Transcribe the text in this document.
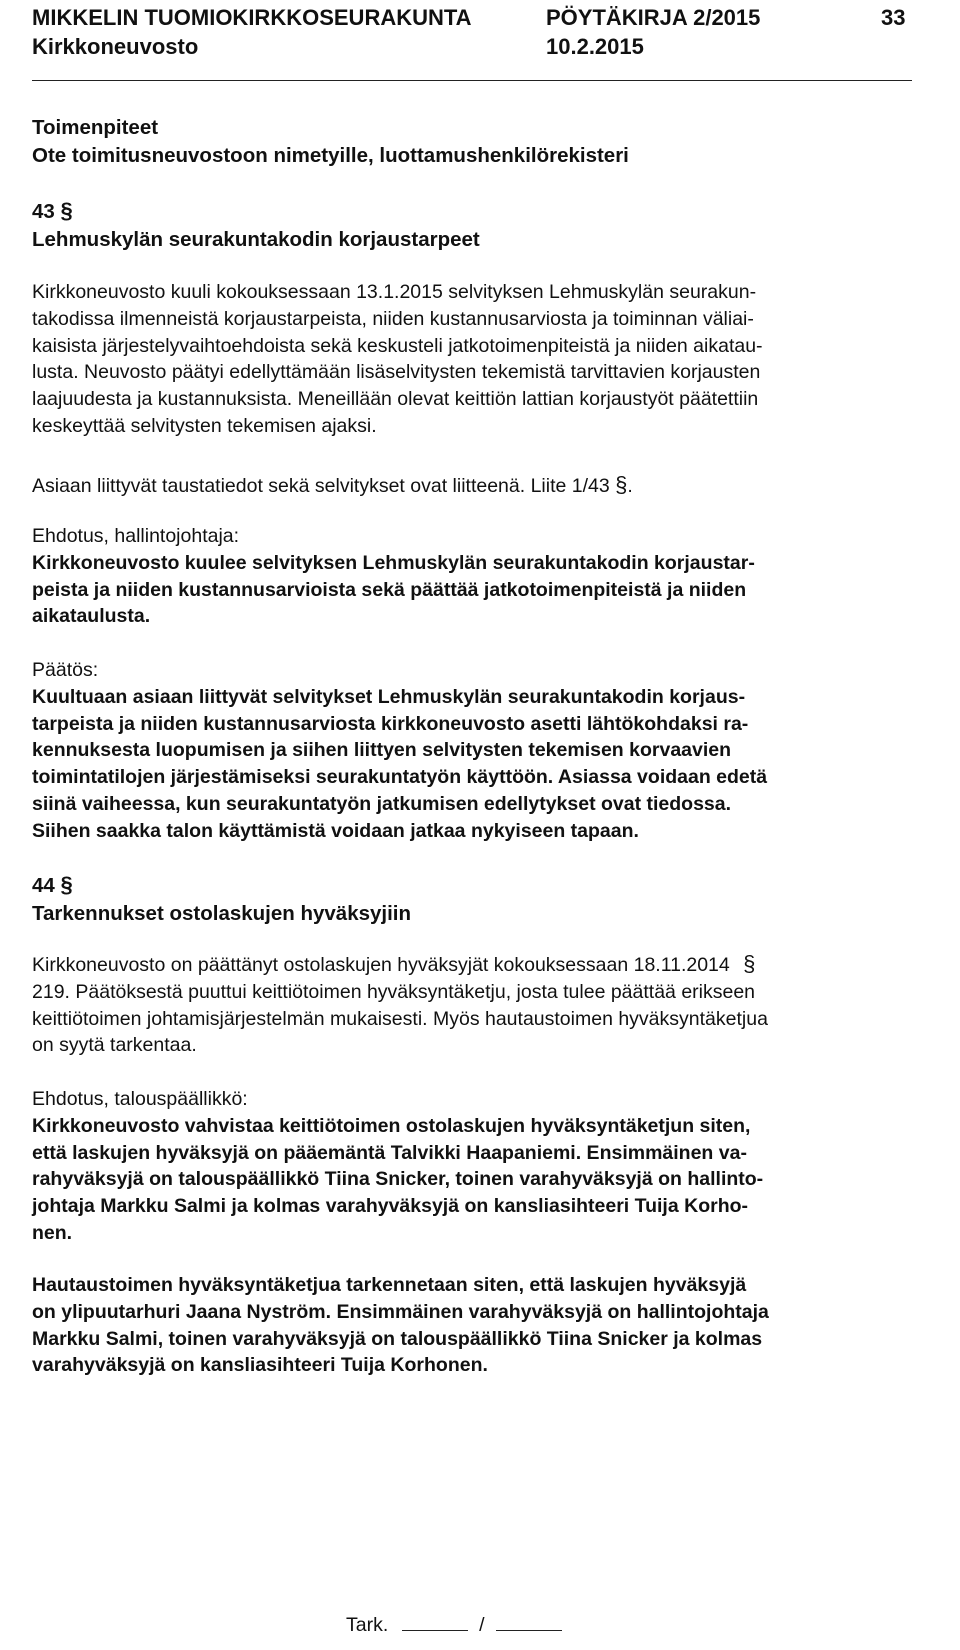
MIKKELIN TUOMIOKIRKKOSEURAKUNTA	PÖYTÄKIRJA 2/2015	33
Kirkkoneuvosto	10.2.2015
Toimenpiteet
Ote toimitusneuvostoon nimetyille, luottamushenkilörekisteri
43 §
Lehmuskylän seurakuntakodin korjaustarpeet
Kirkkoneuvosto kuuli kokouksessaan 13.1.2015 selvityksen Lehmuskylän seurakun-
takodissa ilmenneistä korjaustarpeista, niiden kustannusarviosta ja toiminnan väliai-
kaisista järjestelyvaihtoehdoista sekä keskusteli jatkotoimenpiteistä ja niiden aikatau-
lusta. Neuvosto päätyi edellyttämään lisäselvitysten tekemistä tarvittavien korjausten
laajuudesta ja kustannuksista. Meneillään olevat keittiön lattian korjaustyöt päätettiin
keskeyttää selvitysten tekemisen ajaksi.
Asiaan liittyvät taustatiedot sekä selvitykset ovat liitteenä. Liite 1/43 §.
Ehdotus, hallintojohtaja:
Kirkkoneuvosto kuulee selvityksen Lehmuskylän seurakuntakodin korjaustar-
peista ja niiden kustannusarvioista sekä päättää jatkotoimenpiteistä ja niiden
aikataulusta.
Päätös:
Kuultuaan asiaan liittyvät selvitykset Lehmuskylän seurakuntakodin korjaus-
tarpeista ja niiden kustannusarviosta kirkkoneuvosto asetti lähtökohdaksi ra-
kennuksesta luopumisen ja siihen liittyen selvitysten tekemisen korvaavien
toimintatilojen järjestämiseksi seurakuntatyön käyttöön. Asiassa voidaan edetä
siinä vaiheessa, kun seurakuntatyön jatkumisen edellytykset ovat tiedossa.
Siihen saakka talon käyttämistä voidaan jatkaa nykyiseen tapaan.
44 §
Tarkennukset ostolaskujen hyväksyjiin
Kirkkoneuvosto on päättänyt ostolaskujen hyväksyjät kokouksessaan 18.11.2014 §
219. Päätöksestä puuttui keittiötoimen hyväksyntäketju, josta tulee päättää erikseen
keittiötoimen johtamisjärjestelmän mukaisesti. Myös hautaustoimen hyväksyntäketjua
on syytä tarkentaa.
Ehdotus, talouspäällikkö:
Kirkkoneuvosto vahvistaa keittiötoimen ostolaskujen hyväksyntäketjun siten,
että laskujen hyväksyjä on pääemäntä Talvikki Haapaniemi. Ensimmäinen va-
rahyväksyjä on talouspäällikkö Tiina Snicker, toinen varahyväksyjä on hallinto-
johtaja Markku Salmi ja kolmas varahyväksyjä on kansliasihteeri Tuija Korho-
nen.
Hautaustoimen hyväksyntäketjua tarkennetaan siten, että laskujen hyväksyjä
on ylipuutarhuri Jaana Nyström. Ensimmäinen varahyväksyjä on hallintojohtaja
Markku Salmi, toinen varahyväksyjä on talouspäällikkö Tiina Snicker ja kolmas
varahyväksyjä on kansliasihteeri Tuija Korhonen.
Tark.	/
